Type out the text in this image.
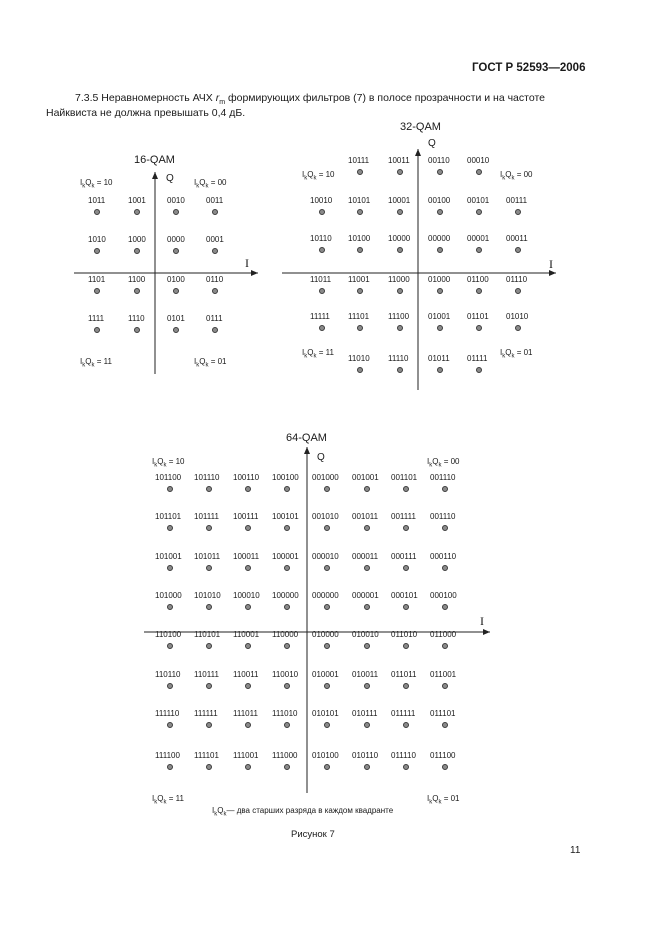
ГОСТ Р 52593—2006
7.3.5 Неравномерность АЧХ $r_m$ формирующих фильтров (7) в полосе прозрачности и на частоте
Найквиста не должна превышать 0,4 дБ.
16-QAM
32-QAM
64-QAM
Q
I
Q
I
Q
I
$I_kQ_k = 10$	$I_kQ_k = 00$
$I_kQ_k = 11$	$I_kQ_k = 01$
$I_kQ_k = 10$	$I_kQ_k = 00$
$I_kQ_k = 11$	$I_kQ_k = 01$
$I_kQ_k = 10$	$I_kQ_k = 00$
$I_kQ_k = 11$	$I_kQ_k = 01$
1011	1001	0010	0011
1010	1000	0000	0001
1101	1100	0100	0110
1111	1110	0101	0111
10111 10011 00110 00010
10010 10101 10001 00100 00101 00111
10110 10100 10000 00000 00001 00011
11011 11001 11000 01000 01100 01110
11111 11101 11100 01001 01101 01010
11010 11110 01011 01111
101100 101110 100110 100100 001000 001001 001101 001110
101101 101111 100111 100101 001010 001011 001111 001110
101001 101011 100011 100001 000010 000011 000111 000110
101000 101010 100010 100000 000000 000001 000101 000100
110100 110101 110001 110000 010000 010010 011010 011000
110110 110111 110011 110010 010001 010011 011011 011001
111110 111111 111011 111010 010101 010111 011111 011101
111100 111101 111001 111000 010100 010110 011110 011100
$I_kQ_k—$ два старших разряда в каждом квадранте
Рисунок 7
11
